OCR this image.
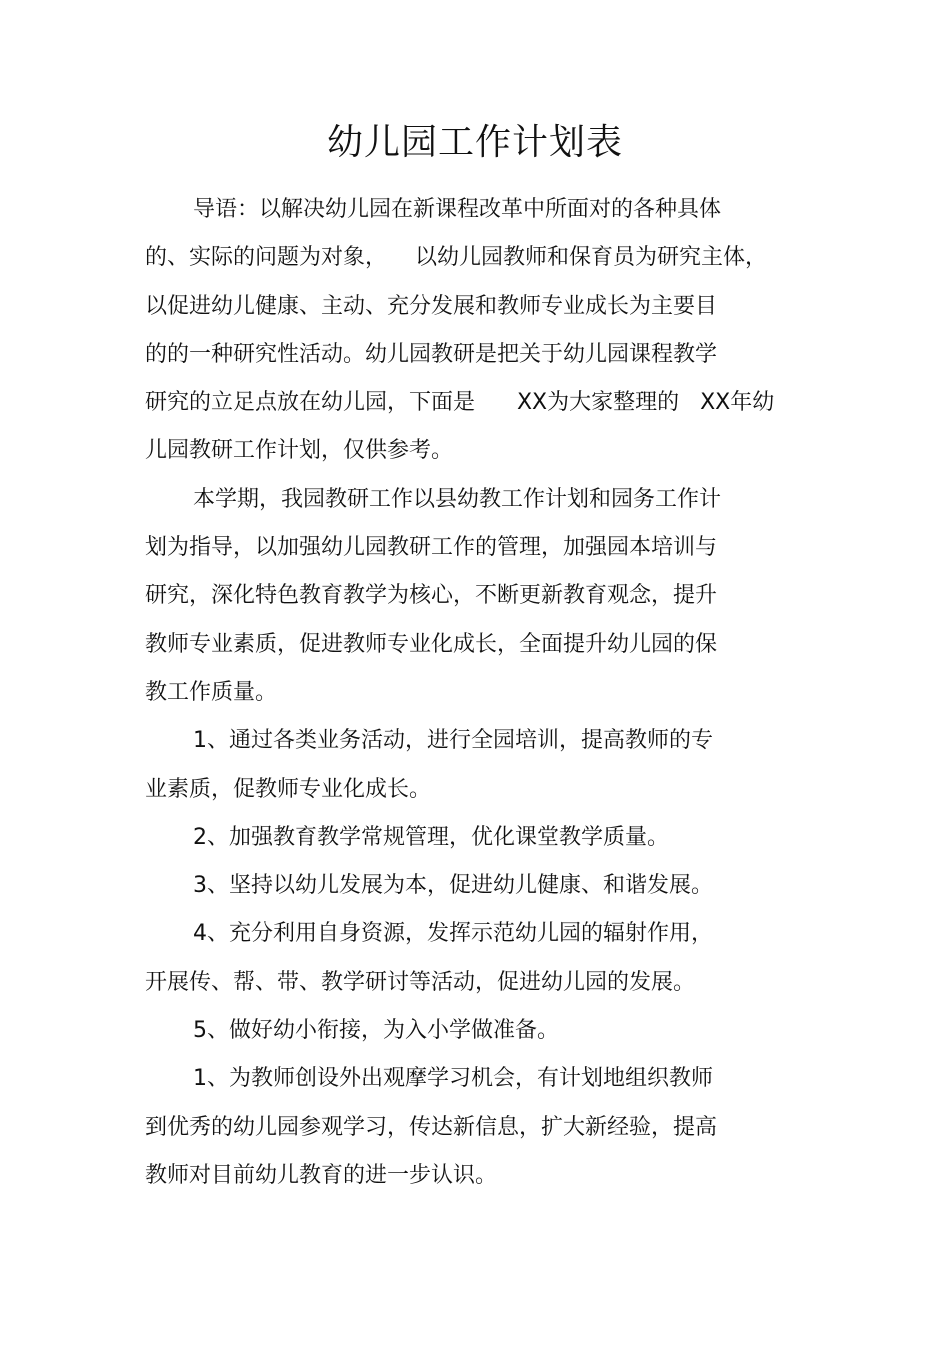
幼儿园工作计划表
导语：以解决幼儿园在新课程改革中所面对的各种具体
的、实际的问题为对象，    以幼儿园教师和保育员为研究主体，
以促进幼儿健康、主动、充分发展和教师专业成长为主要目
的的一种研究性活动。幼儿园教研是把关于幼儿园课程教学
研究的立足点放在幼儿园，下面是      XX为大家整理的   XX年幼
儿园教研工作计划，仅供参考。
本学期，我园教研工作以县幼教工作计划和园务工作计
划为指导，以加强幼儿园教研工作的管理，加强园本培训与
研究，深化特色教育教学为核心，不断更新教育观念，提升
教师专业素质，促进教师专业化成长，全面提升幼儿园的保
教工作质量。
1、通过各类业务活动，进行全园培训，提高教师的专
业素质，促教师专业化成长。
2、加强教育教学常规管理，优化课堂教学质量。
3、坚持以幼儿发展为本，促进幼儿健康、和谐发展。
4、充分利用自身资源，发挥示范幼儿园的辐射作用，
开展传、帮、带、教学研讨等活动，促进幼儿园的发展。
5、做好幼小衔接，为入小学做准备。
1、为教师创设外出观摩学习机会，有计划地组织教师
到优秀的幼儿园参观学习，传达新信息，扩大新经验，提高
教师对目前幼儿教育的进一步认识。
